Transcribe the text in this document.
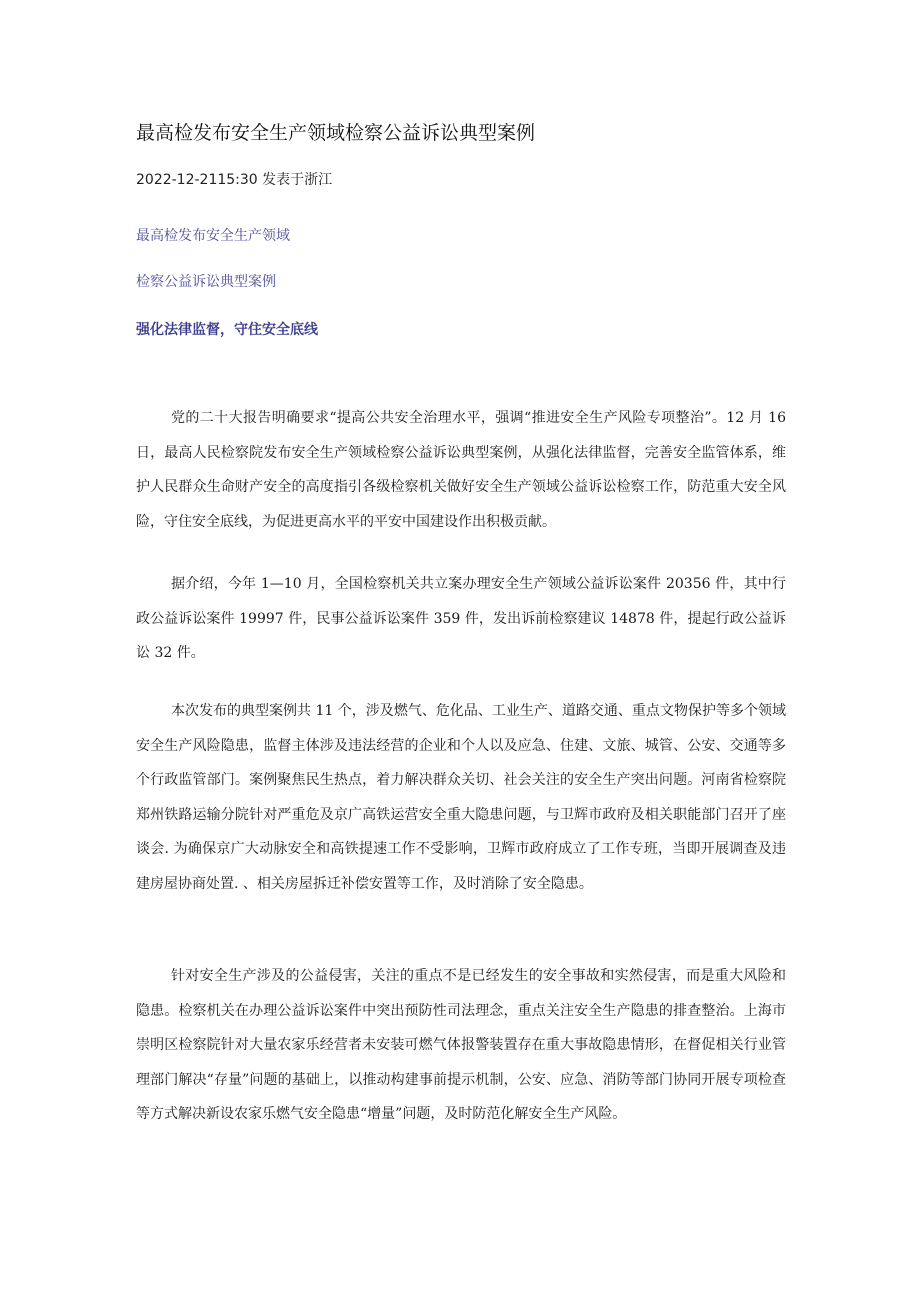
最高检发布安全生产领域检察公益诉讼典型案例
2022-12-2115:30 发表于浙江
最高检发布安全生产领域
检察公益诉讼典型案例
强化法律监督，守住安全底线

党的二十大报告明确要求“提高公共安全治理水平，强调“推进安全生产风险专项整治”。12 月 16 日，最高人民检察院发布安全生产领域检察公益诉讼典型案例，从强化法律监督，完善安全监管体系，维护人民群众生命财产安全的高度指引各级检察机关做好安全生产领域公益诉讼检察工作，防范重大安全风险，守住安全底线，为促进更高水平的平安中国建设作出积极贡献。

据介绍，今年 1—10 月，全国检察机关共立案办理安全生产领域公益诉讼案件 20356 件，其中行政公益诉讼案件 19997 件，民事公益诉讼案件 359 件，发出诉前检察建议 14878 件，提起行政公益诉讼 32 件。

本次发布的典型案例共 11 个，涉及燃气、危化品、工业生产、道路交通、重点文物保护等多个领域安全生产风险隐患，监督主体涉及违法经营的企业和个人以及应急、住建、文旅、城管、公安、交通等多个行政监管部门。案例聚焦民生热点，着力解决群众关切、社会关注的安全生产突出问题。河南省检察院郑州铁路运输分院针对严重危及京广高铁运营安全重大隐患问题，与卫辉市政府及相关职能部门召开了座谈会. 为确保京广大动脉安全和高铁提速工作不受影响，卫辉市政府成立了工作专班，当即开展调查及违建房屋协商处置. 、相关房屋拆迁补偿安置等工作，及时消除了安全隐患。

针对安全生产涉及的公益侵害，关注的重点不是已经发生的安全事故和实然侵害，而是重大风险和隐患。检察机关在办理公益诉讼案件中突出预防性司法理念，重点关注安全生产隐患的排查整治。上海市崇明区检察院针对大量农家乐经营者未安装可燃气体报警装置存在重大事故隐患情形，在督促相关行业管理部门解决“存量”问题的基础上，以推动构建事前提示机制，公安、应急、消防等部门协同开展专项检查等方式解决新设农家乐燃气安全隐患“增量”问题，及时防范化解安全生产风险。
